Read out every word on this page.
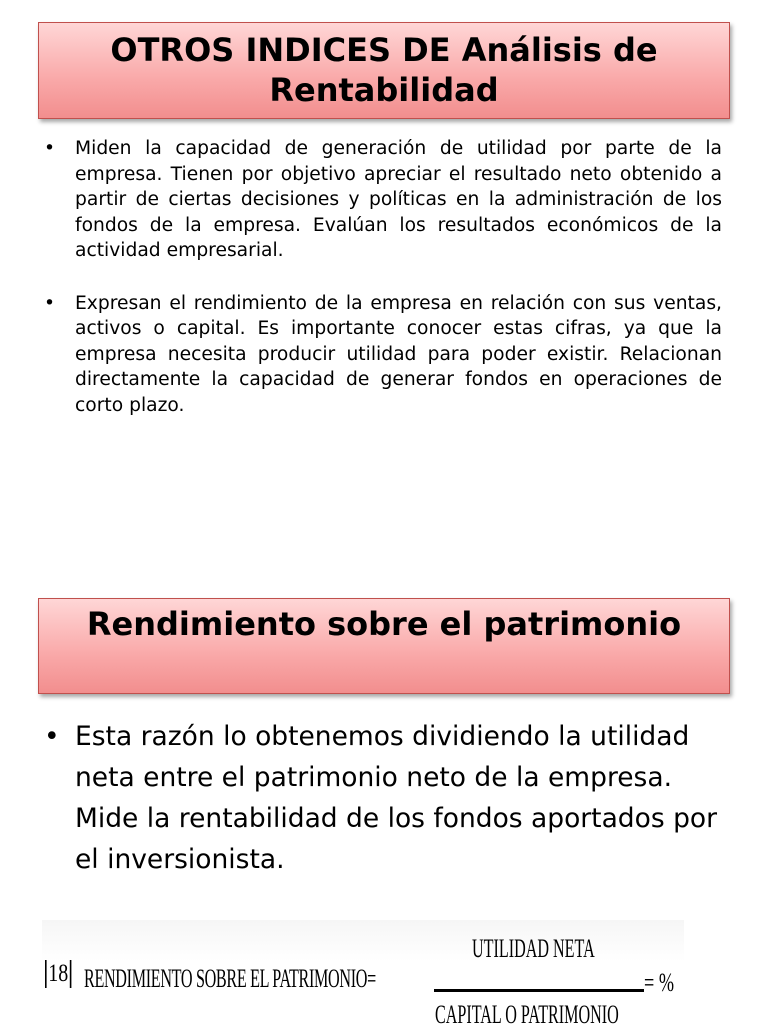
OTROS INDICES DE Análisis de
Rentabilidad
• Miden la capacidad de generación de utilidad por parte de la empresa. Tienen por objetivo apreciar el resultado neto obtenido a partir de ciertas decisiones y políticas en la administración de los fondos de la empresa. Evalúan los resultados económicos de la actividad empresarial.
• Expresan el rendimiento de la empresa en relación con sus ventas, activos o capital. Es importante conocer estas cifras, ya que la empresa necesita producir utilidad para poder existir. Relacionan directamente la capacidad de generar fondos en operaciones de corto plazo.
Rendimiento sobre el patrimonio
• Esta razón lo obtenemos dividiendo la utilidad neta entre el patrimonio neto de la empresa. Mide la rentabilidad de los fondos aportados por el inversionista.
18 RENDIMIENTO SOBRE EL PATRIMONIO=
UTILIDAD NETA
= %
CAPITAL O PATRIMONIO
